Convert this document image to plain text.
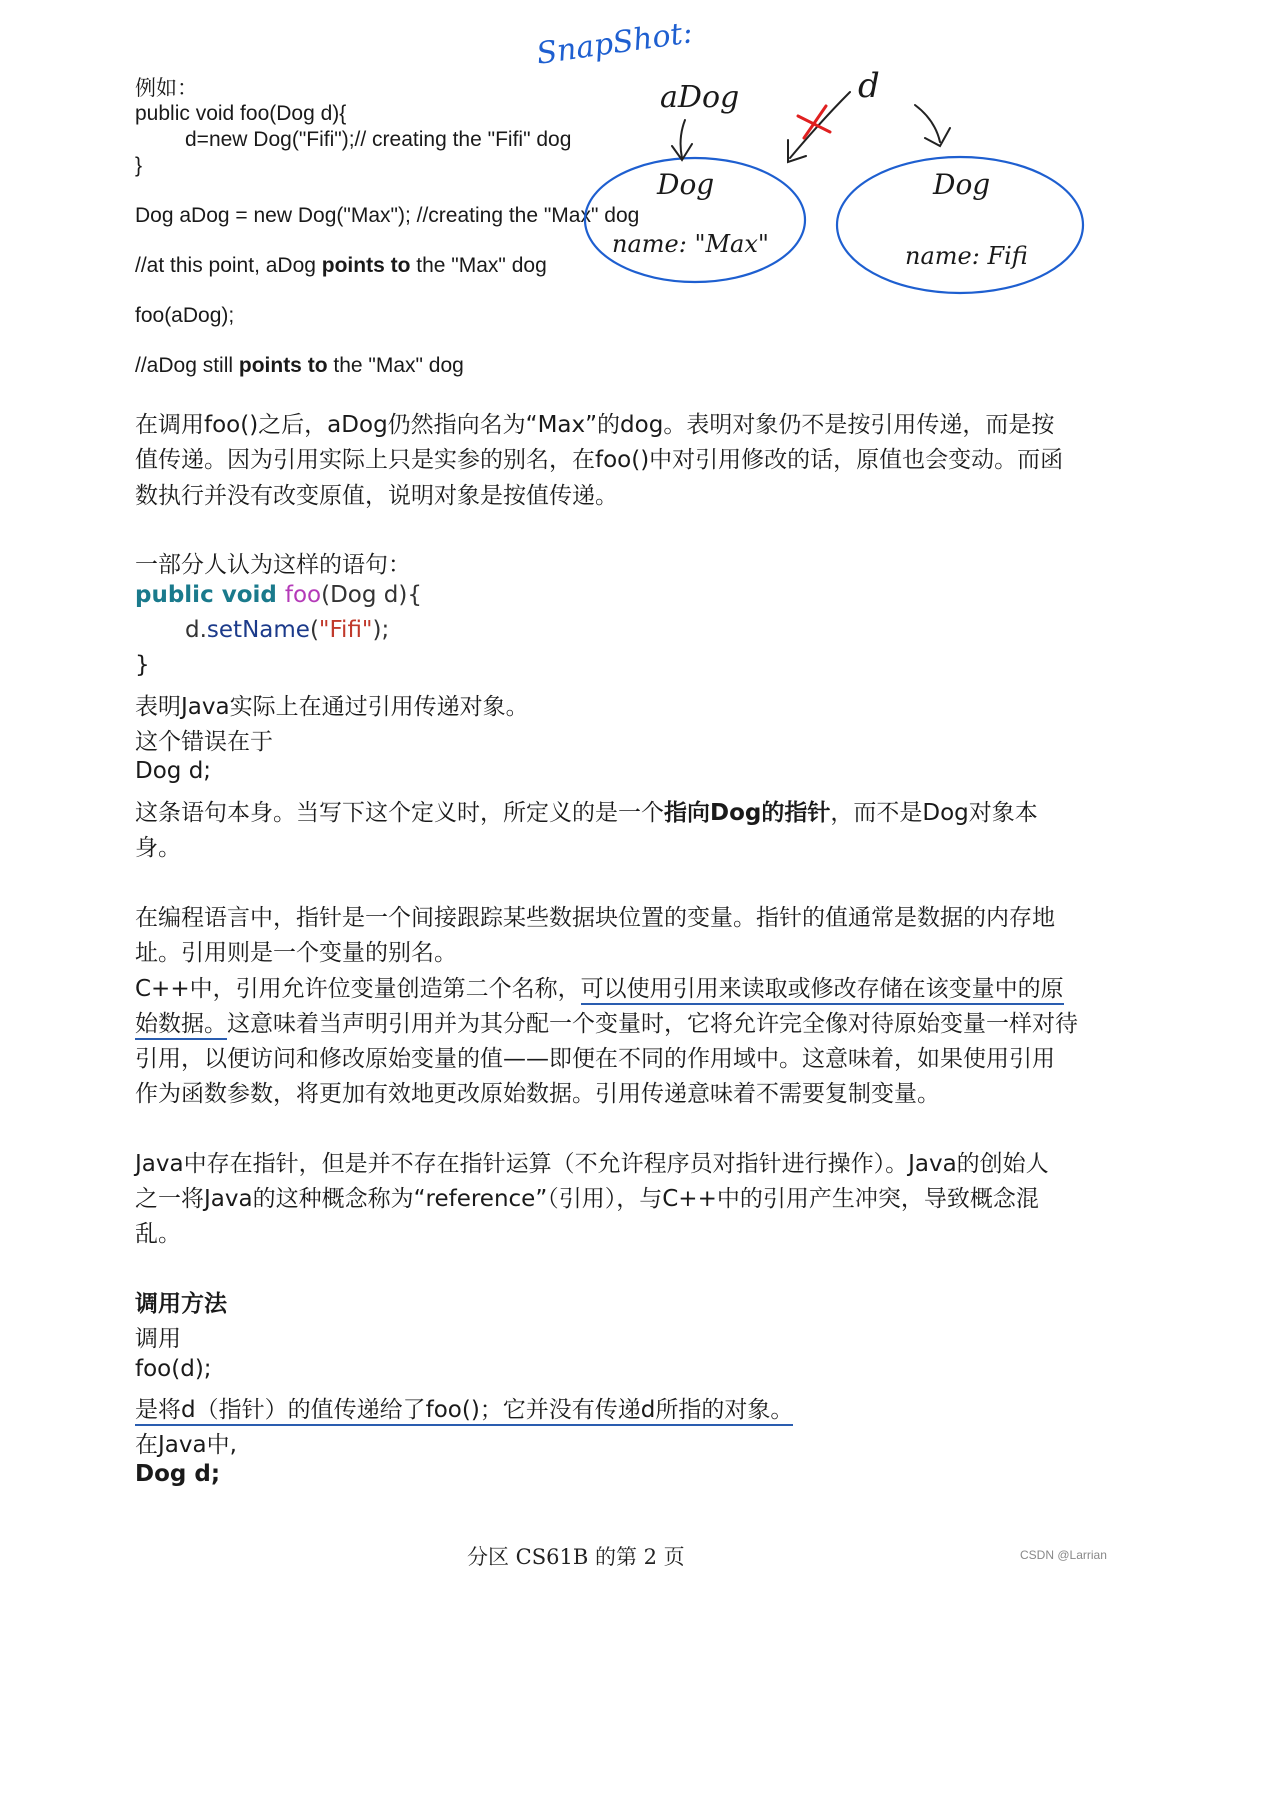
例如：
public void foo(Dog d){
d=new Dog("Fifi");// creating the "Fifi" dog
}
Dog aDog = new Dog("Max"); //creating the "Max" dog
//at this point, aDog points to the "Max" dog
foo(aDog);
//aDog still points to the "Max" dog
SnapShot:
aDog	d
Dog
name: "Max"
Dog
name: Fifi
在调用foo()之后，aDog仍然指向名为“Max”的dog。表明对象仍不是按引用传递，而是按
值传递。因为引用实际上只是实参的别名，在foo()中对引用修改的话，原值也会变动。而函
数执行并没有改变原值，说明对象是按值传递。
一部分人认为这样的语句：
public void foo(Dog d){
d.setName("Fifi");
}
表明Java实际上在通过引用传递对象。
这个错误在于
Dog d;
这条语句本身。当写下这个定义时，所定义的是一个指向Dog的指针，而不是Dog对象本
身。
在编程语言中，指针是一个间接跟踪某些数据块位置的变量。指针的值通常是数据的内存地
址。引用则是一个变量的别名。
C++中，引用允许位变量创造第二个名称，可以使用引用来读取或修改存储在该变量中的原
始数据。这意味着当声明引用并为其分配一个变量时，它将允许完全像对待原始变量一样对待
引用，以便访问和修改原始变量的值——即便在不同的作用域中。这意味着，如果使用引用
作为函数参数，将更加有效地更改原始数据。引用传递意味着不需要复制变量。
Java中存在指针，但是并不存在指针运算（不允许程序员对指针进行操作）。Java的创始人
之一将Java的这种概念称为“reference”（引用），与C++中的引用产生冲突，导致概念混
乱。
调用方法
调用
foo(d);
是将d（指针）的值传递给了foo()；它并没有传递d所指的对象。
在Java中,
Dog d;
分区 CS61B 的第 2 页	CSDN @Larrian
